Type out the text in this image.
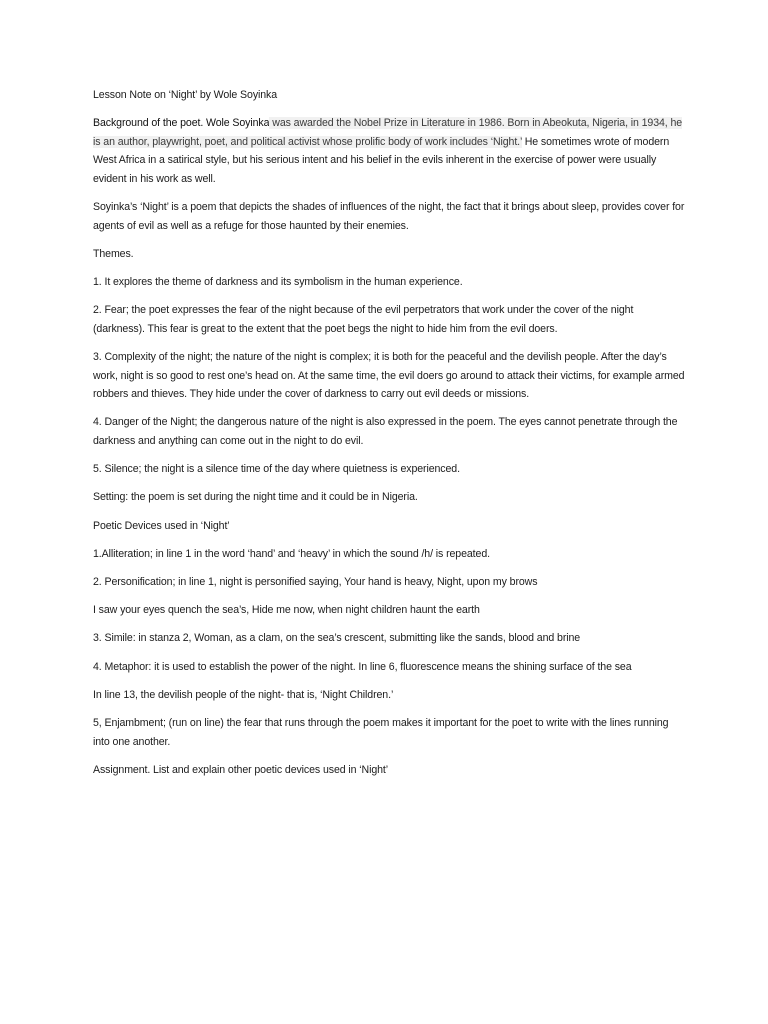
Lesson Note on ‘Night’ by Wole Soyinka

Background of the poet. Wole Soyinka was awarded the Nobel Prize in Literature in 1986. Born in Abeokuta, Nigeria, in 1934, he is an author, playwright, poet, and political activist whose prolific body of work includes ‘Night.’ He sometimes wrote of modern West Africa in a satirical style, but his serious intent and his belief in the evils inherent in the exercise of power were usually evident in his work as well.

Soyinka’s ‘Night’ is a poem that depicts the shades of influences of the night, the fact that it brings about sleep, provides cover for agents of evil as well as a refuge for those haunted by their enemies.

Themes.

1. It explores the theme of darkness and its symbolism in the human experience.

2. Fear; the poet expresses the fear of the night because of the evil perpetrators that work under the cover of the night (darkness). This fear is great to the extent that the poet begs the night to hide him from the evil doers.

3. Complexity of the night; the nature of the night is complex; it is both for the peaceful and the devilish people. After the day’s work, night is so good to rest one’s head on. At the same time, the evil doers go around to attack their victims, for example armed robbers and thieves. They hide under the cover of darkness to carry out evil deeds or missions.

4. Danger of the Night; the dangerous nature of the night is also expressed in the poem. The eyes cannot penetrate through the darkness and anything can come out in the night to do evil.

5. Silence; the night is a silence time of the day where quietness is experienced.

Setting: the poem is set during the night time and it could be in Nigeria.

Poetic Devices used in ‘Night’

1.Alliteration; in line 1 in the word ‘hand’ and ‘heavy’ in which the sound /h/ is repeated.

2. Personification; in line 1, night is personified saying, Your hand is heavy, Night, upon my brows

I saw your eyes quench the sea’s, Hide me now, when night children haunt the earth

3. Simile: in stanza 2, Woman, as a clam, on the sea’s crescent, submitting like the sands, blood and brine

4. Metaphor: it is used to establish the power of the night. In line 6, fluorescence means the shining surface of the sea

In line 13, the devilish people of the night- that is, ‘Night Children.’

5, Enjambment; (run on line) the fear that runs through the poem makes it important for the poet to write with the lines running into one another.

Assignment. List and explain other poetic devices used in ‘Night’
